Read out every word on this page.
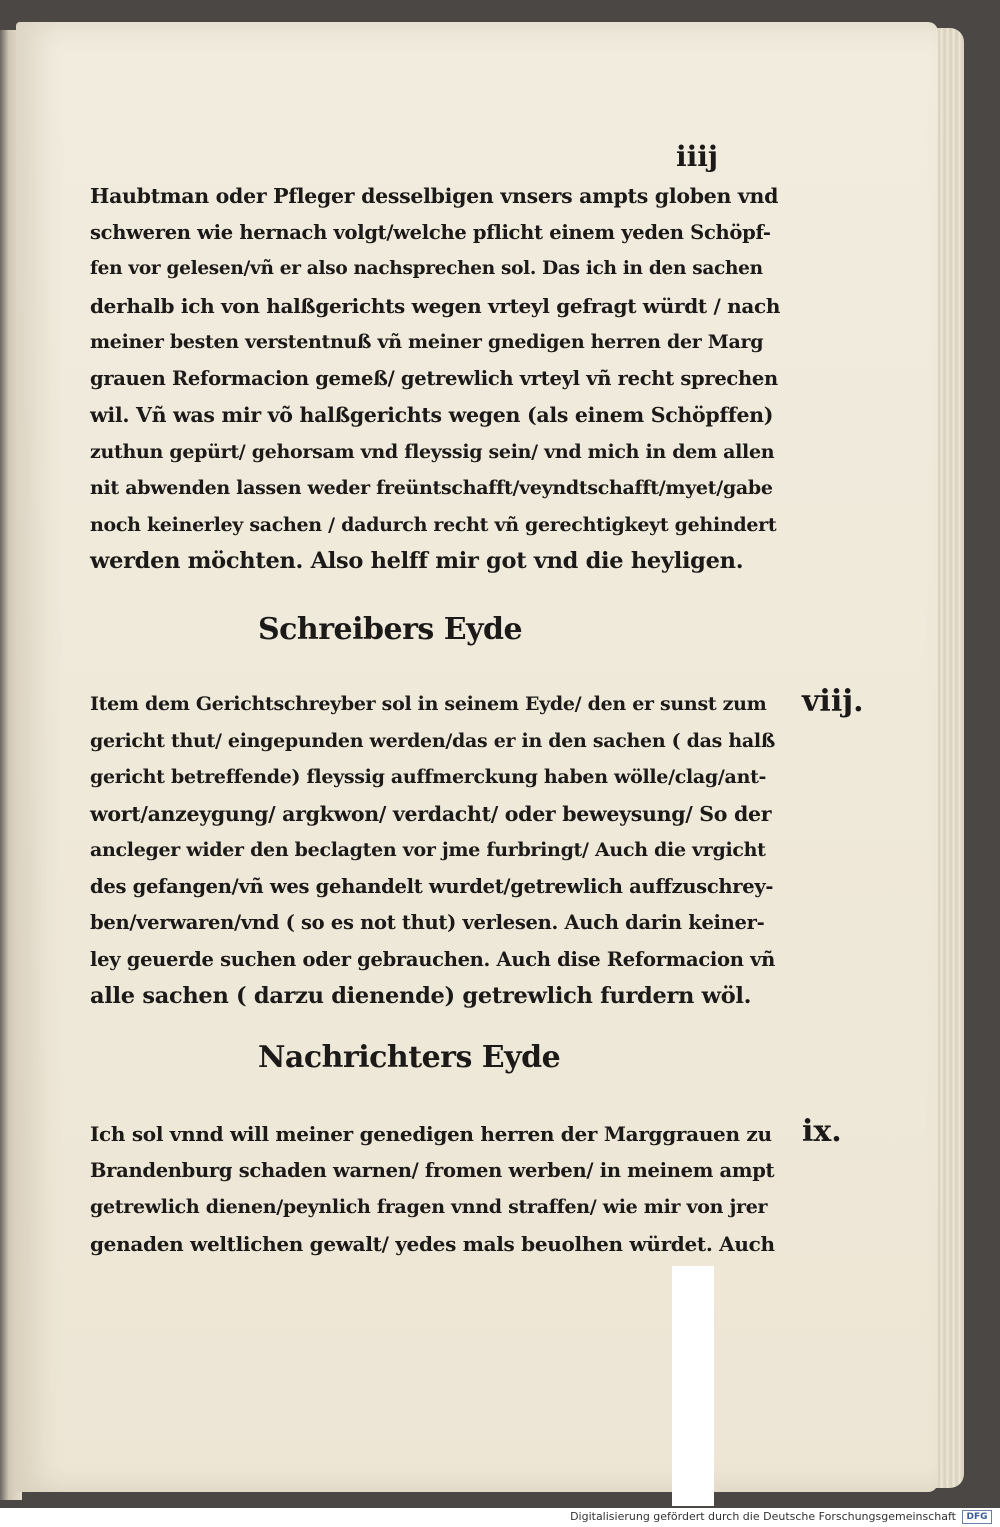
iiij
Haubtman oder Pfleger desselbigen vnsers ampts globen vnd
schweren wie hernach volgt/welche pflicht einem yeden Schöpf-
fen vor gelesen/vñ er also nachsprechen sol. Das ich in den sachen
derhalb ich von halßgerichts wegen vrteyl gefragt würdt / nach
meiner besten verstentnuß vñ meiner gnedigen herren der Marg
grauen Reformacion gemeß/ getrewlich vrteyl vñ recht sprechen
wil. Vñ was mir võ halßgerichts wegen (als einem Schöpffen)
zuthun gepürt/ gehorsam vnd fleyssig sein/ vnd mich in dem allen
nit abwenden lassen weder freüntschafft/veyndtschafft/myet/gabe
noch keinerley sachen / dadurch recht vñ gerechtigkeyt gehindert
werden möchten. Also helff mir got vnd die heyligen.
Schreibers Eyde
viij.
Item dem Gerichtschreyber sol in seinem Eyde/ den er sunst zum
gericht thut/ eingepunden werden/das er in den sachen ( das halß
gericht betreffende) fleyssig auffmerckung haben wölle/clag/ant-
wort/anzeygung/ argkwon/ verdacht/ oder beweysung/ So der
ancleger wider den beclagten vor jme furbringt/ Auch die vrgicht
des gefangen/vñ wes gehandelt wurdet/getrewlich auffzuschrey-
ben/verwaren/vnd ( so es not thut) verlesen. Auch darin keiner-
ley geuerde suchen oder gebrauchen. Auch dise Reformacion vñ
alle sachen ( darzu dienende) getrewlich furdern wöl.
Nachrichters Eyde
ix.
Ich sol vnnd will meiner genedigen herren der Marggrauen zu
Brandenburg schaden warnen/ fromen werben/ in meinem ampt
getrewlich dienen/peynlich fragen vnnd straffen/ wie mir von jrer
genaden weltlichen gewalt/ yedes mals beuolhen würdet. Auch
Digitalisierung gefördert durch die Deutsche Forschungsgemeinschaft	DFG
